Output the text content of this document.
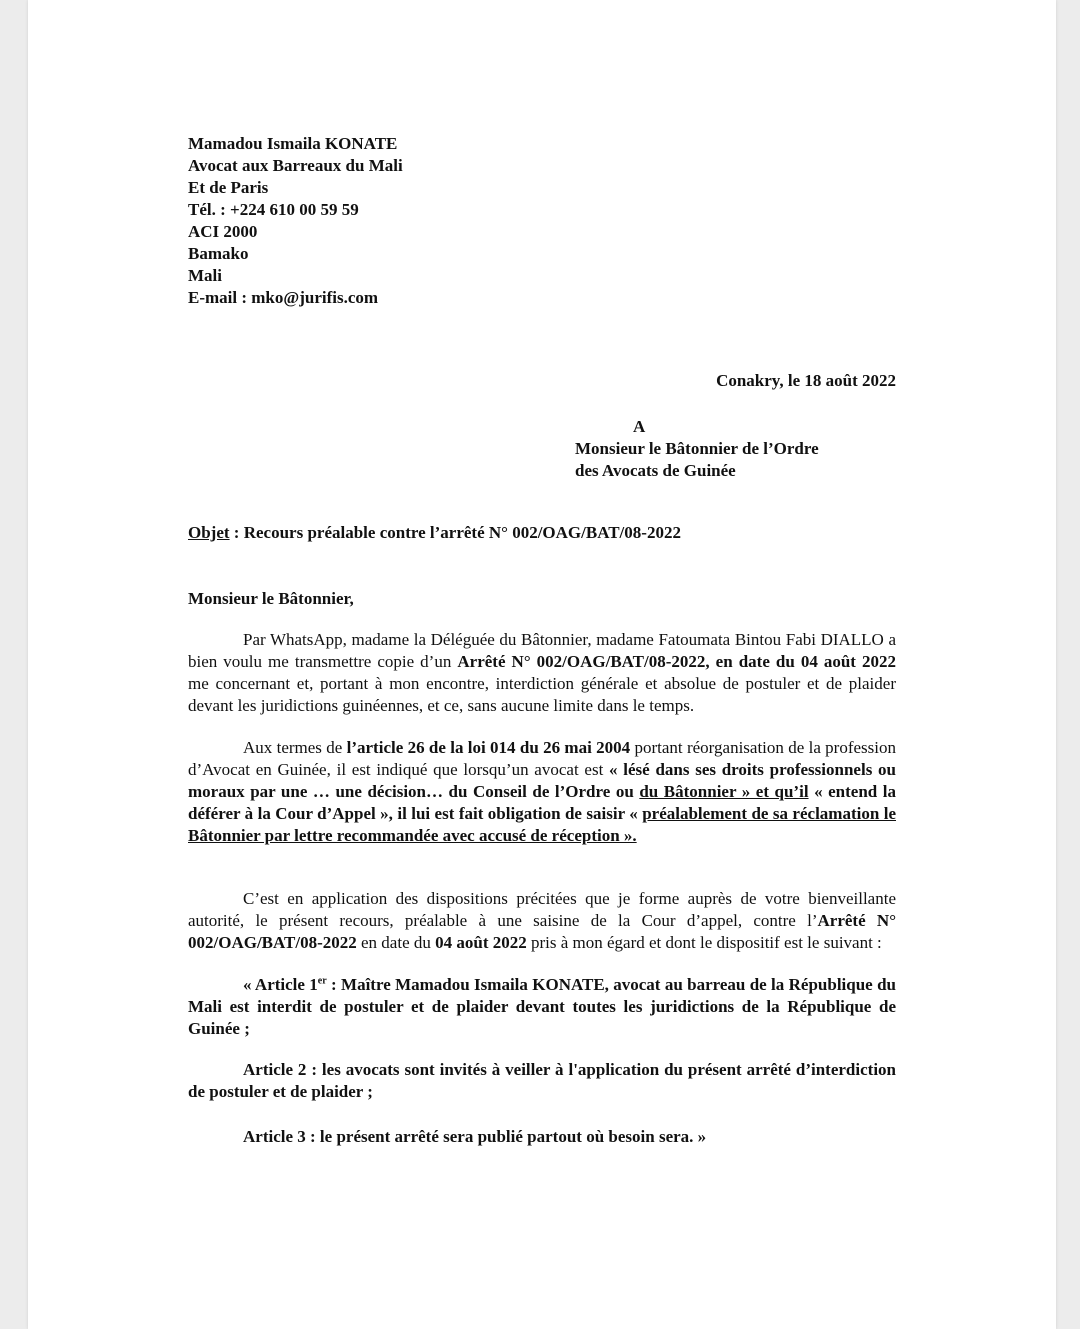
Mamadou Ismaila KONATE
Avocat aux Barreaux du Mali
Et de Paris
Tél. : +224 610 00 59 59
ACI 2000
Bamako
Mali
E-mail : mko@jurifis.com
Conakry, le 18 août 2022
A
Monsieur le Bâtonnier de l’Ordre
des Avocats de Guinée
Objet : Recours préalable contre l’arrêté N° 002/OAG/BAT/08-2022
Monsieur le Bâtonnier,
Par WhatsApp, madame la Déléguée du Bâtonnier, madame Fatoumata Bintou Fabi DIALLO a bien voulu me transmettre copie d’un Arrêté N° 002/OAG/BAT/08-2022, en date du 04 août 2022 me concernant et, portant à mon encontre, interdiction générale et absolue de postuler et de plaider devant les juridictions guinéennes, et ce, sans aucune limite dans le temps.
Aux termes de l’article 26 de la loi 014 du 26 mai 2004 portant réorganisation de la profession d’Avocat en Guinée, il est indiqué que lorsqu’un avocat est « lésé dans ses droits professionnels ou moraux par une … une décision… du Conseil de l’Ordre ou du Bâtonnier » et qu’il « entend la déférer à la Cour d’Appel », il lui est fait obligation de saisir « préalablement de sa réclamation le Bâtonnier par lettre recommandée avec accusé de réception ».
C’est en application des dispositions précitées que je forme auprès de votre bienveillante autorité, le présent recours, préalable à une saisine de la Cour d’appel, contre l’Arrêté N° 002/OAG/BAT/08-2022 en date du 04 août 2022 pris à mon égard et dont le dispositif est le suivant :
« Article 1er : Maître Mamadou Ismaila KONATE, avocat au barreau de la République du Mali est interdit de postuler et de plaider devant toutes les juridictions de la République de Guinée ;
Article 2 : les avocats sont invités à veiller à l'application du présent arrêté d’interdiction de postuler et de plaider ;
Article 3 : le présent arrêté sera publié partout où besoin sera. »
